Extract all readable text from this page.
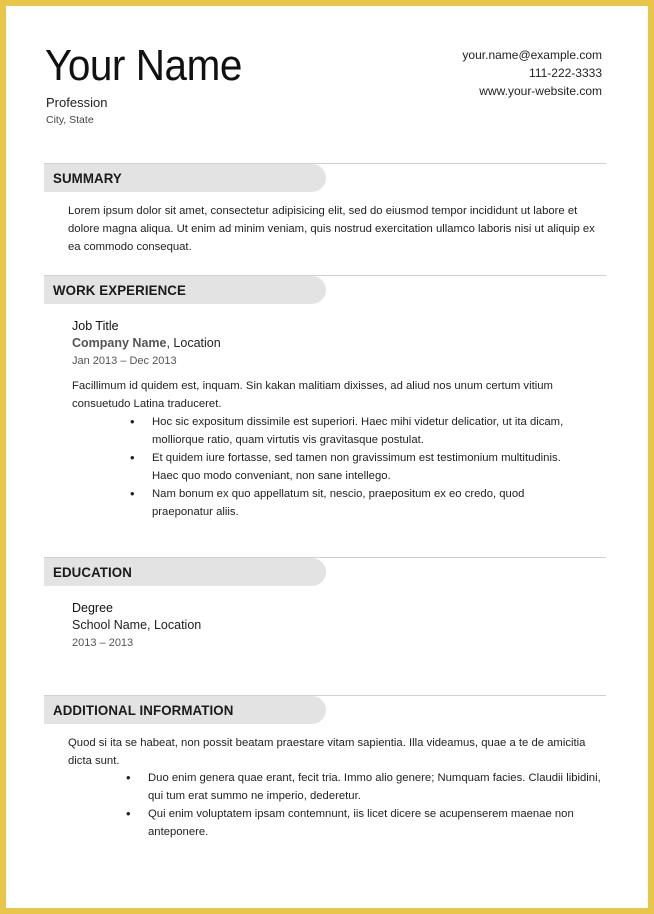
Your Name
Profession
City, State
your.name@example.com
111-222-3333
www.your-website.com
SUMMARY

Lorem ipsum dolor sit amet, consectetur adipisicing elit, sed do eiusmod tempor incididunt ut labore et dolore magna aliqua. Ut enim ad minim veniam, quis nostrud exercitation ullamco laboris nisi ut aliquip ex ea commodo consequat.

WORK EXPERIENCE
Job Title
Company Name, Location
Jan 2013 – Dec 2013

Facillimum id quidem est, inquam. Sin kakan malitiam dixisses, ad aliud nos unum certum vitium consuetudo Latina traduceret.

• Hoc sic expositum dissimile est superiori. Haec mihi videtur delicatior, ut ita dicam, molliorque ratio, quam virtutis vis gravitasque postulat.
• Et quidem iure fortasse, sed tamen non gravissimum est testimonium multitudinis. Haec quo modo conveniant, non sane intellego.
• Nam bonum ex quo appellatum sit, nescio, praepositum ex eo credo, quod praeponatur aliis.
EDUCATION
Degree
School Name, Location
2013 – 2013
ADDITIONAL INFORMATION

Quod si ita se habeat, non possit beatam praestare vitam sapientia. Illa videamus, quae a te de amicitia dicta sunt.

• Duo enim genera quae erant, fecit tria. Immo alio genere; Numquam facies. Claudii libidini, qui tum erat summo ne imperio, dederetur.
• Qui enim voluptatem ipsam contemnunt, iis licet dicere se acupenserem maenae non anteponere.
